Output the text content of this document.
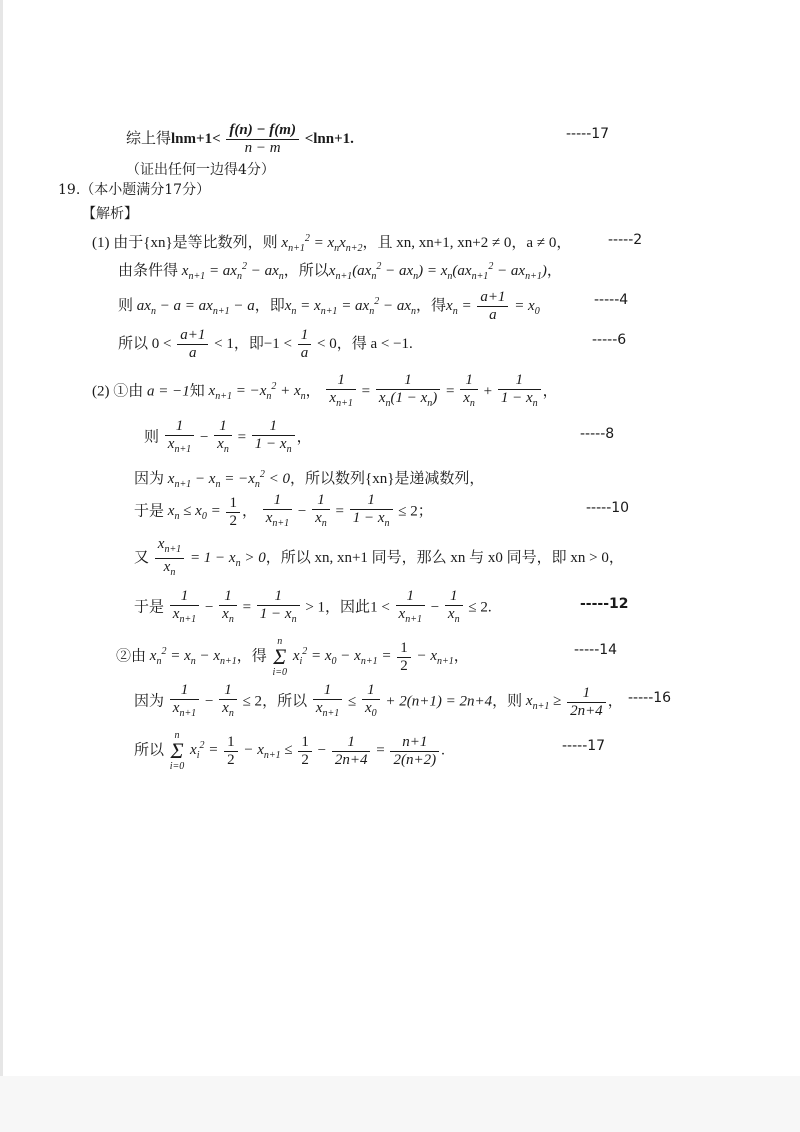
综上得$\ln m+1< \frac{f(n) - f(m)}{n - m} <\ln n+1$.	-----17
（证出任何一边得4分）
19.（本小题满分17分）
【解析】
(1) 由于{xn}是等比数列，则 $x_{n+1}^2 = x_nx_{n+2}$，且 xn, xn+1, xn+2 ≠ 0，a ≠ 0，	-----2
由条件得 $x_{n+1} = ax_n^2 - ax_n$，所以$x_{n+1}(ax_n^2 - ax_n) = x_n(ax_{n+1}^2 - ax_{n+1})$，
则 $ax_n - a = ax_{n+1} - a$，即$x_n = x_{n+1} = ax_n^2 - ax_n$，得$x_n = \frac{a+1}{a} = x_0$
-----4
所以 $0 < \frac{a+1}{a} < 1$，即$-1 < \frac{1}{a} < 0$，得 a < −1.	-----6
(2) ①由 a = −1知 $x_{n+1} = -x_n^2 + x_n$， $\frac{1}{x_{n+1}} = \frac{1}{x_n(1 - x_n)} = \frac{1}{x_n} + \frac{1}{1 - x_n}$ ，
则 $\frac{1}{x_{n+1}} - \frac{1}{x_n} = \frac{1}{1 - x_n}$ ，	-----8
因为 $x_{n+1} - x_n = -x_n^2 < 0$，所以数列{xn}是递减数列，
于是 $x_n \le x_0 = \frac{1}{2}$ ， $\frac{1}{x_{n+1}} - \frac{1}{x_n} = \frac{1}{1 - x_n} \le 2$；	-----10
又 $\frac{x_{n+1}}{x_n} = 1 - x_n > 0$，所以 xn, xn+1 同号，那么 xn 与 x0 同号，即 xn > 0，
于是 $\frac{1}{x_{n+1}} - \frac{1}{x_n} = \frac{1}{1 - x_n} > 1$，因此$1 < \frac{1}{x_{n+1}} - \frac{1}{x_n} \le 2$.	-----12
②由 $x_n^2 = x_n - x_{n+1}$，得
n
Σ
i=0
$x_i^2 = x_0 - x_{n+1} = \frac{1}{2} - x_{n+1}$，	-----14
因为 $\frac{1}{x_{n+1}} - \frac{1}{x_n} \le 2$，所以 $\frac{1}{x_{n+1}} \le \frac{1}{x_0} + 2(n+1) = 2n+4$，则 $x_{n+1} \ge \frac{1}{2n+4}$ ， -----16
所以
n
Σ
i=0
$x_i^2 = \frac{1}{2} - x_{n+1} \le \frac{1}{2} - \frac{1}{2n+4} = \frac{n+1}{2(n+2)}$ .	-----17
